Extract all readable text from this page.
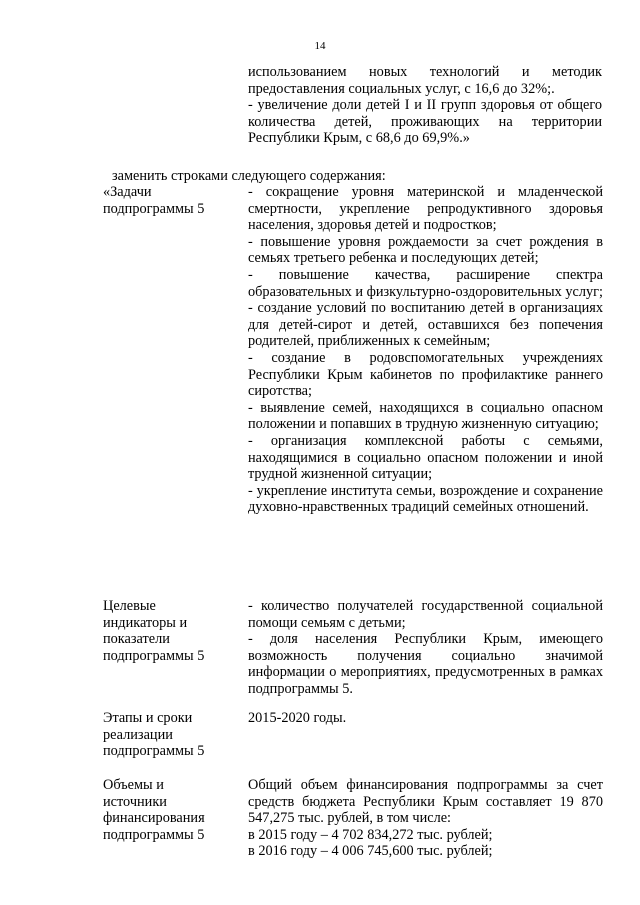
14

использованием новых технологий и методик предоставления социальных услуг, с 16,6 до 32%;.

- увеличение доли детей I и II групп здоровья от общего количества детей, проживающих на территории Республики Крым, с 68,6 до 69,9%.»

заменить строками следующего содержания:
«Задачи
подпрограммы 5

- сокращение уровня материнской и младенческой смертности, укрепление репродуктивного здоровья населения, здоровья детей и подростков;

- повышение уровня рождаемости за счет рождения в семьях третьего ребенка и последующих детей;

- повышение качества, расширение спектра образовательных и физкультурно-оздоровительных услуг;

- создание условий по воспитанию детей в организациях для детей-сирот и детей, оставшихся без попечения родителей, приближенных к семейным;

- создание в родовспомогательных учреждениях Республики Крым кабинетов по профилактике раннего сиротства;

- выявление семей, находящихся в социально опасном положении и попавших в трудную жизненную ситуацию;

- организация комплексной работы с семьями, находящимися в социально опасном положении и иной трудной жизненной ситуации;

- укрепление института семьи, возрождение и сохранение духовно-нравственных традиций семейных отношений.

Целевые
индикаторы и
показатели
подпрограммы 5

- количество получателей государственной социальной помощи семьям с детьми;

- доля населения Республики Крым, имеющего возможность получения социально значимой информации о мероприятиях, предусмотренных в рамках подпрограммы 5.

Этапы и сроки
реализации
подпрограммы 5

2015-2020 годы.

Объемы и
источники
финансирования
подпрограммы 5

Общий объем финансирования подпрограммы за счет средств бюджета Республики Крым составляет 19 870 547,275 тыс. рублей, в том числе:

в 2015 году – 4 702 834,272 тыс. рублей;

в 2016 году – 4 006 745,600 тыс. рублей;
